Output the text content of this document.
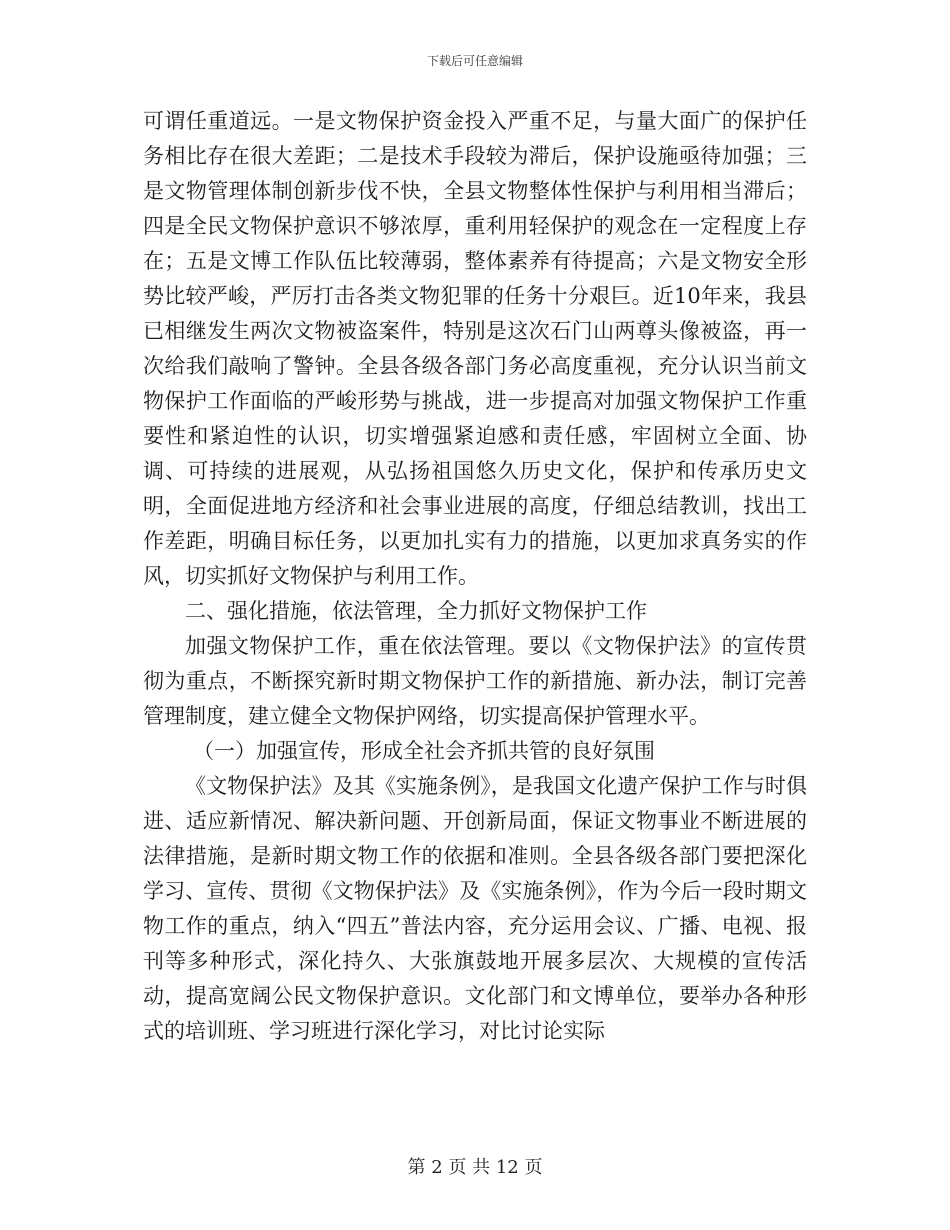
下载后可任意编辑

可谓任重道远。一是文物保护资金投入严重不足，与量大面广的保护任务相比存在很大差距；二是技术手段较为滞后，保护设施亟待加强；三是文物管理体制创新步伐不快，全县文物整体性保护与利用相当滞后；四是全民文物保护意识不够浓厚，重利用轻保护的观念在一定程度上存在；五是文博工作队伍比较薄弱，整体素养有待提高；六是文物安全形势比较严峻，严厉打击各类文物犯罪的任务十分艰巨。近10年来，我县已相继发生两次文物被盗案件，特别是这次石门山两尊头像被盗，再一次给我们敲响了警钟。全县各级各部门务必高度重视，充分认识当前文物保护工作面临的严峻形势与挑战，进一步提高对加强文物保护工作重要性和紧迫性的认识，切实增强紧迫感和责任感，牢固树立全面、协调、可持续的进展观，从弘扬祖国悠久历史文化，保护和传承历史文明，全面促进地方经济和社会事业进展的高度，仔细总结教训，找出工作差距，明确目标任务，以更加扎实有力的措施，以更加求真务实的作风，切实抓好文物保护与利用工作。

二、强化措施，依法管理，全力抓好文物保护工作

加强文物保护工作，重在依法管理。要以《文物保护法》的宣传贯彻为重点，不断探究新时期文物保护工作的新措施、新办法，制订完善管理制度，建立健全文物保护网络，切实提高保护管理水平。

（一）加强宣传，形成全社会齐抓共管的良好氛围

《文物保护法》及其《实施条例》，是我国文化遗产保护工作与时俱进、适应新情况、解决新问题、开创新局面，保证文物事业不断进展的法律措施，是新时期文物工作的依据和准则。全县各级各部门要把深化学习、宣传、贯彻《文物保护法》及《实施条例》，作为今后一段时期文物工作的重点，纳入“四五”普法内容，充分运用会议、广播、电视、报刊等多种形式，深化持久、大张旗鼓地开展多层次、大规模的宣传活动，提高宽阔公民文物保护意识。文化部门和文博单位，要举办各种形式的培训班、学习班进行深化学习，对比讨论实际

第 2 页 共 12 页
